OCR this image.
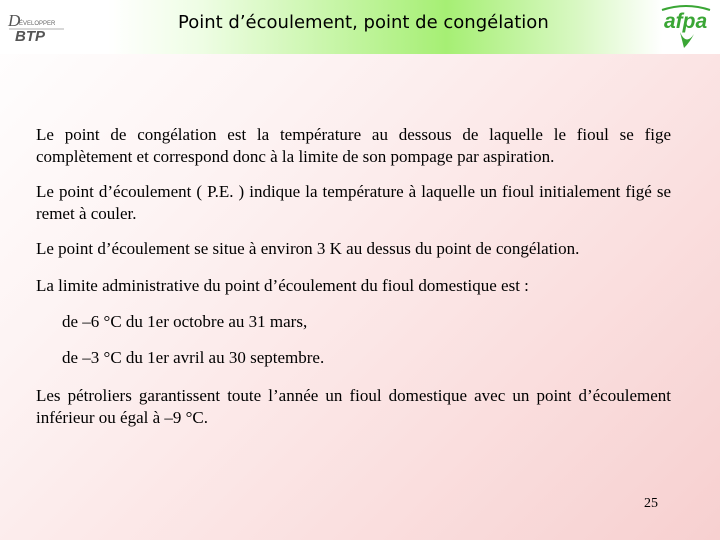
D
ÉVELOPPER
BTP
Point d’écoulement, point de congélation	afpa

Le point de congélation est la température au dessous de laquelle le fioul se fige complètement et correspond donc à la limite de son pompage par aspiration.

Le point d’écoulement ( P.E. ) indique la température à laquelle un fioul initialement figé se remet à couler.

Le point d’écoulement se situe à environ 3 K au dessus du point de congélation.

La limite administrative du point d’écoulement du fioul domestique est :

de –6 °C du 1er octobre au 31 mars,

de –3 °C du 1er avril au 30 septembre.

Les pétroliers garantissent toute l’année un fioul domestique avec un point d’écoulement inférieur ou égal à –9 °C.

25
